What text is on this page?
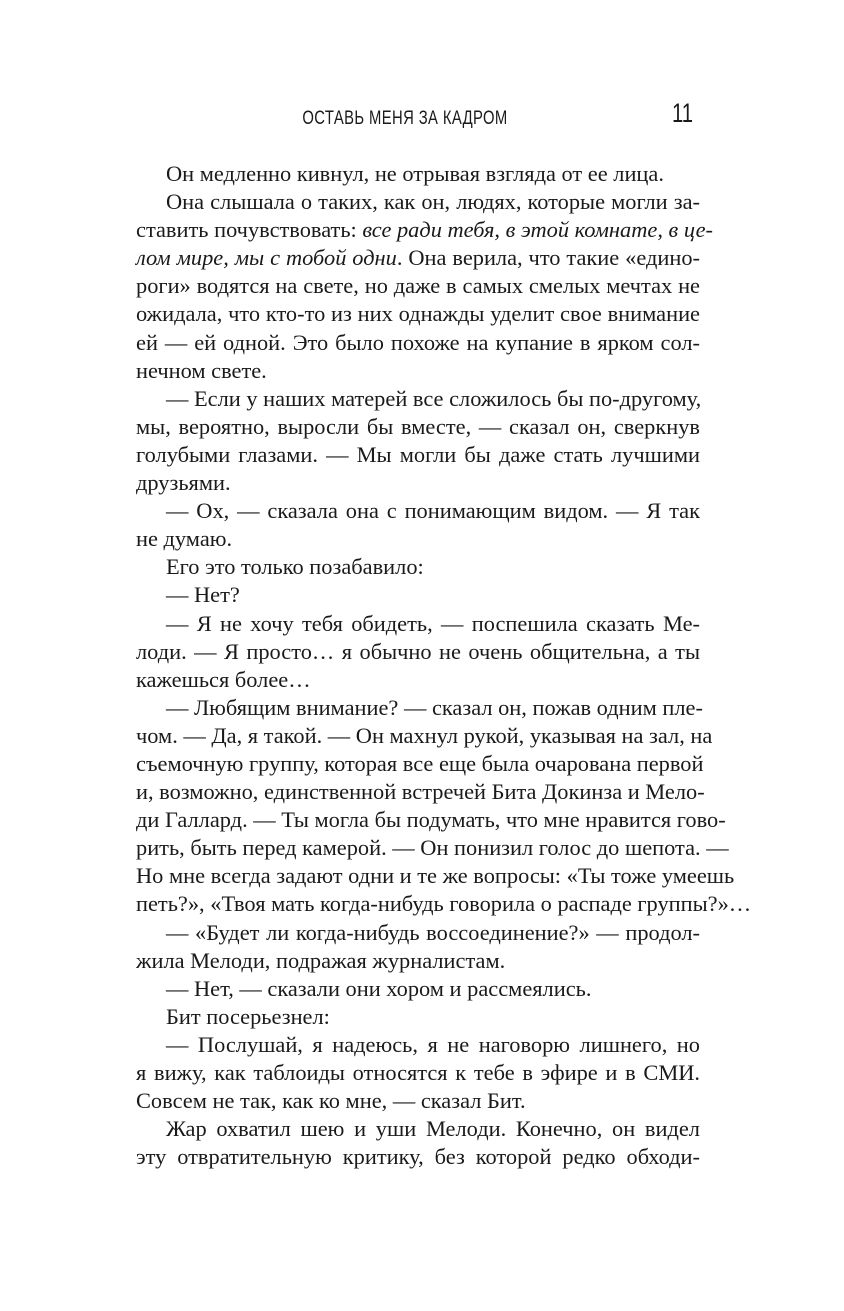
ОСТАВЬ МЕНЯ ЗА КАДРОМ	11
Он медленно кивнул, не отрывая взгляда от ее лица.
Она слышала о таких, как он, людях, которые могли за-
ставить почувствовать: все ради тебя, в этой комнате, в це-
лом мире, мы с тобой одни. Она верила, что такие «едино-
роги» водятся на свете, но даже в самых смелых мечтах не
ожидала, что кто-то из них однажды уделит свое внимание
ей — ей одной. Это было похоже на купание в ярком сол-
нечном свете.
— Если у наших матерей все сложилось бы по-другому,
мы, вероятно, выросли бы вместе, — сказал он, сверкнув
голубыми глазами. — Мы могли бы даже стать лучшими
друзьями.
— Ох, — сказала она с понимающим видом. — Я так
не думаю.
Его это только позабавило:
— Нет?
— Я не хочу тебя обидеть, — поспешила сказать Ме-
лоди. — Я просто… я обычно не очень общительна, а ты
кажешься более…
— Любящим внимание? — сказал он, пожав одним пле-
чом. — Да, я такой. — Он махнул рукой, указывая на зал, на
съемочную группу, которая все еще была очарована первой
и, возможно, единственной встречей Бита Докинза и Мело-
ди Галлард. — Ты могла бы подумать, что мне нравится гово-
рить, быть перед камерой. — Он понизил голос до шепота. —
Но мне всегда задают одни и те же вопросы: «Ты тоже умеешь
петь?», «Твоя мать когда-нибудь говорила о распаде группы?»…
— «Будет ли когда-нибудь воссоединение?» — продол-
жила Мелоди, подражая журналистам.
— Нет, — сказали они хором и рассмеялись.
Бит посерьезнел:
— Послушай, я надеюсь, я не наговорю лишнего, но
я вижу, как таблоиды относятся к тебе в эфире и в СМИ.
Совсем не так, как ко мне, — сказал Бит.
Жар охватил шею и уши Мелоди. Конечно, он видел
эту отвратительную критику, без которой редко обходи-
